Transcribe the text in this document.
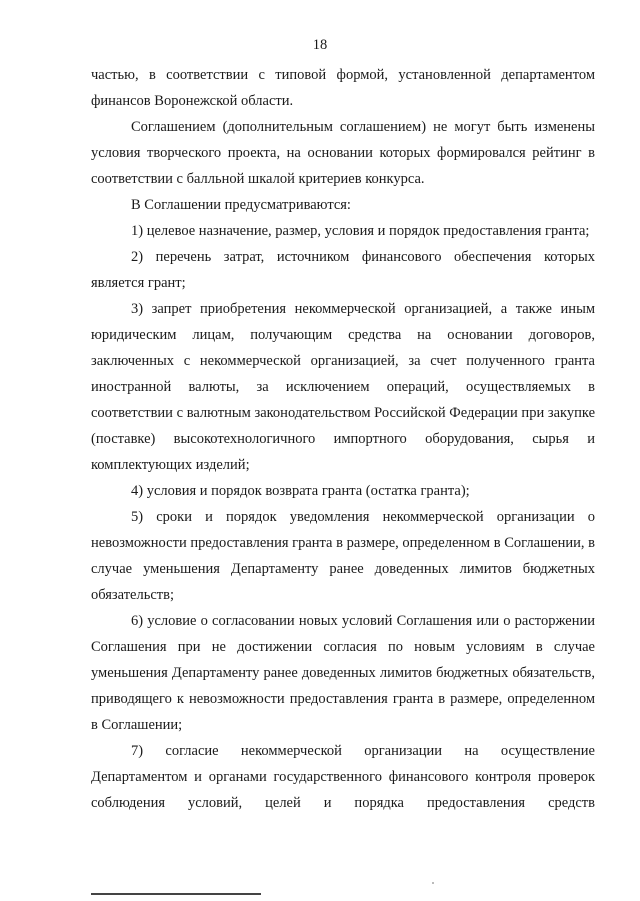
18

частью, в соответствии с типовой формой, установленной департаментом финансов Воронежской области.

Соглашением (дополнительным соглашением) не могут быть изменены условия творческого проекта, на основании которых формировался рейтинг в соответствии с балльной шкалой критериев конкурса.

В Соглашении предусматриваются:

1) целевое назначение, размер, условия и порядок предоставления гранта;

2) перечень затрат, источником финансового обеспечения которых является грант;

3) запрет приобретения некоммерческой организацией, а также иным юридическим лицам, получающим средства на основании договоров, заключенных с некоммерческой организацией, за счет полученного гранта иностранной валюты, за исключением операций, осуществляемых в соответствии с валютным законодательством Российской Федерации при закупке (поставке) высокотехнологичного импортного оборудования, сырья и комплектующих изделий;

4) условия и порядок возврата гранта (остатка гранта);

5) сроки и порядок уведомления некоммерческой организации о невозможности предоставления гранта в размере, определенном в Соглашении, в случае уменьшения Департаменту ранее доведенных лимитов бюджетных обязательств;

6) условие о согласовании новых условий Соглашения или о расторжении Соглашения при не достижении согласия по новым условиям в случае уменьшения Департаменту ранее доведенных лимитов бюджетных обязательств, приводящего к невозможности предоставления гранта в размере, определенном в Соглашении;

7) согласие некоммерческой организации на осуществление Департаментом и органами государственного финансового контроля проверок соблюдения условий, целей и порядка предоставления средств
